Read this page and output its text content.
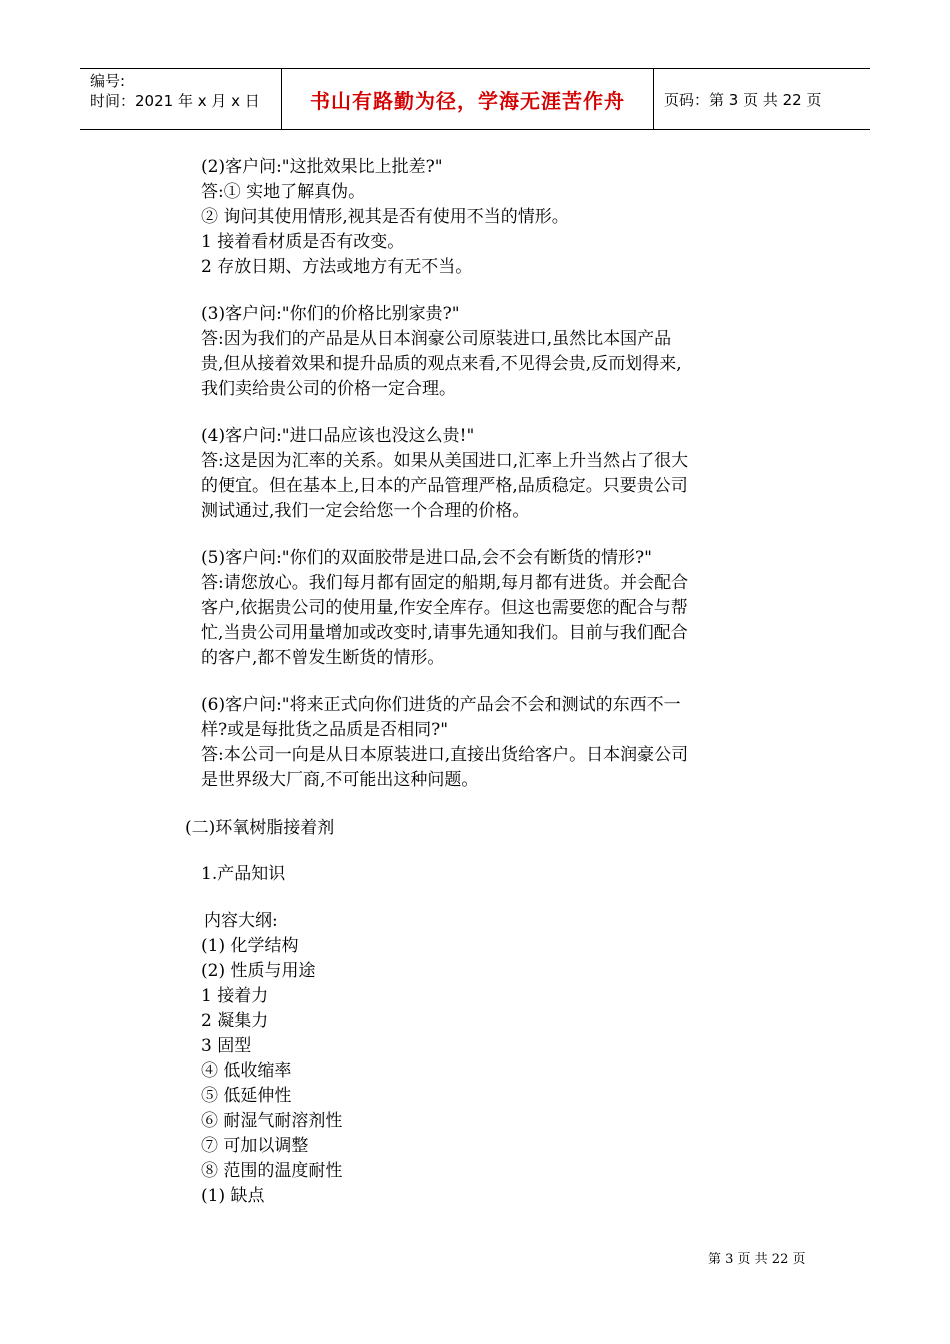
编号:
时间：2021 年 x 月 x 日	书山有路勤为径，学海无涯苦作舟	页码：第 3 页 共 22 页
(2)客户问:"这批效果比上批差?"
答:① 实地了解真伪。
② 询问其使用情形,视其是否有使用不当的情形。
1 接着看材质是否有改变。
2 存放日期、方法或地方有无不当。
(3)客户问:"你们的价格比别家贵?"
答:因为我们的产品是从日本润豪公司原装进口,虽然比本国产品
贵,但从接着效果和提升品质的观点来看,不见得会贵,反而划得来,
我们卖给贵公司的价格一定合理。
(4)客户问:"进口品应该也没这么贵!"
答:这是因为汇率的关系。如果从美国进口,汇率上升当然占了很大
的便宜。但在基本上,日本的产品管理严格,品质稳定。只要贵公司
测试通过,我们一定会给您一个合理的价格。
(5)客户问:"你们的双面胶带是进口品,会不会有断货的情形?"
答:请您放心。我们每月都有固定的船期,每月都有进货。并会配合
客户,依据贵公司的使用量,作安全库存。但这也需要您的配合与帮
忙,当贵公司用量增加或改变时,请事先通知我们。目前与我们配合
的客户,都不曾发生断货的情形。
(6)客户问:"将来正式向你们进货的产品会不会和测试的东西不一
样?或是每批货之品质是否相同?"
答:本公司一向是从日本原装进口,直接出货给客户。日本润豪公司
是世界级大厂商,不可能出这种问题。
(二)环氧树脂接着剂
1.产品知识
内容大纲:
(1) 化学结构
(2) 性质与用途
1 接着力
2 凝集力
3 固型
④ 低收缩率
⑤ 低延伸性
⑥ 耐湿气耐溶剂性
⑦ 可加以调整
⑧ 范围的温度耐性
(1) 缺点
第 3 页 共 22 页
